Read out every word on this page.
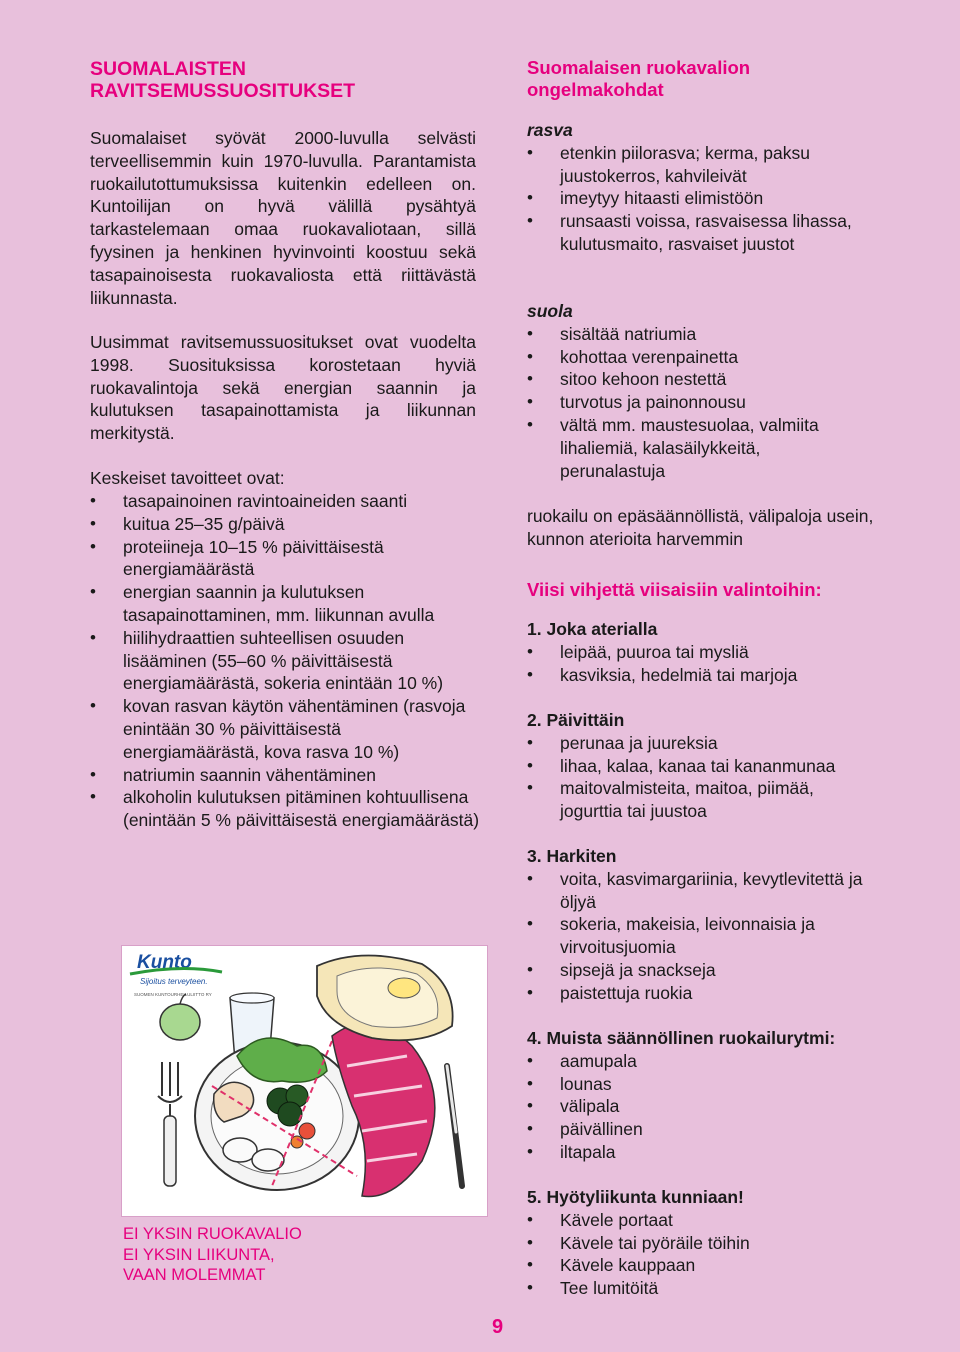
SUOMALAISTEN

RAVITSEMUSSUOSITUKSET

Suomalaiset syövät 2000-luvulla selvästi terveellisemmin kuin 1970-luvulla. Parantamista ruokailutottumuksissa kuitenkin edelleen on. Kuntoilijan on hyvä välillä pysähtyä tarkastelemaan omaa ruokavaliotaan, sillä fyysinen ja henkinen hyvinvointi koostuu sekä tasapainoisesta ruokavaliosta että riittävästä liikunnasta.

Uusimmat ravitsemussuositukset ovat vuodelta 1998. Suosituksissa korostetaan hyviä ruokavalintoja sekä energian saannin ja kulutuksen tasapainottamista ja liikunnan merkitystä.

Keskeiset tavoitteet ovat:

• tasapainoinen ravintoaineiden saanti
• kuitua 25–35 g/päivä
• proteiineja 10–15 % päivittäisestä energiamäärästä
• energian saannin ja kulutuksen tasapainottaminen, mm. liikunnan avulla
• hiilihydraattien suhteellisen osuuden lisääminen (55–60 % päivittäisestä energiamäärästä, sokeria enintään 10 %)
• kovan rasvan käytön vähentäminen (rasvoja enintään 30 % päivittäisestä energiamäärästä, kova rasva 10 %)
• natriumin saannin vähentäminen
• alkoholin kulutuksen pitäminen kohtuullisena (enintään 5 % päivittäisestä energiamäärästä)
Kunto
Sijoitus terveyteen.
SUOMEN KUNTOURHEILULIITTO RY
EI YKSIN RUOKAVALIO
EI YKSIN LIIKUNTA,
VAAN MOLEMMAT

Suomalaisen ruokavalion

ongelmakohdat

rasva

• etenkin piilorasva; kerma, paksu juustokerros, kahvileivät
• imeytyy hitaasti elimistöön
• runsaasti voissa, rasvaisessa lihassa, kulutusmaito, rasvaiset juustot

suola

• sisältää natriumia
• kohottaa verenpainetta
• sitoo kehoon nestettä
• turvotus ja painonnousu
• vältä mm. maustesuolaa, valmiita lihaliemiä, kalasäilykkeitä, perunalastuja

ruokailu on epäsäännöllistä, välipaloja usein, kunnon aterioita harvemmin

Viisi vihjettä viisaisiin valintoihin:

1. Joka aterialla

• leipää, puuroa tai mysliä
• kasviksia, hedelmiä tai marjoja

2. Päivittäin

• perunaa ja juureksia
• lihaa, kalaa, kanaa tai kananmunaa
• maitovalmisteita, maitoa, piimää, jogurttia tai juustoa

3. Harkiten

• voita, kasvimargariinia, kevytlevitettä ja öljyä
• sokeria, makeisia, leivonnaisia ja virvoitusjuomia
• sipsejä ja snackseja
• paistettuja ruokia

4. Muista säännöllinen ruokailurytmi:

• aamupala
• lounas
• välipala
• päivällinen
• iltapala

5. Hyötyliikunta kunniaan!

• Kävele portaat
• Kävele tai pyöräile töihin
• Kävele kauppaan
• Tee lumitöitä
9
